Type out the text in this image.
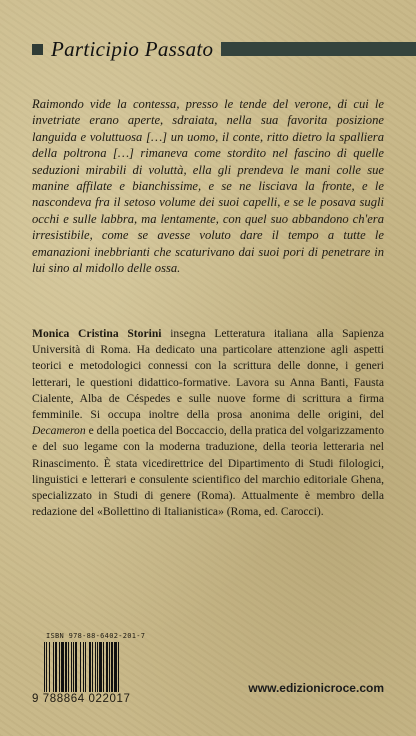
Participio Passato

Raimondo vide la contessa, presso le tende del verone, di cui le invetriate erano aperte, sdraiata, nella sua favorita posizione languida e voluttuosa […] un uomo, il conte, ritto dietro la spalliera della poltrona […] rimaneva come stordito nel fascino di quelle seduzioni mirabili di voluttà, ella gli prendeva le mani colle sue manine affilate e bianchissime, e se ne lisciava la fronte, e le nascondeva fra il setoso volume dei suoi capelli, e se le posava sugli occhi e sulle labbra, ma lentamente, con quel suo abbandono ch'era irresistibile, come se avesse voluto dare il tempo a tutte le emanazioni inebbrianti che scaturivano dai suoi pori di penetrare in lui sino al midollo delle ossa.

Monica Cristina Storini insegna Letteratura italiana alla Sapienza Università di Roma. Ha dedicato una particolare attenzione agli aspetti teorici e metodologici connessi con la scrittura delle donne, i generi letterari, le questioni didattico-formative. Lavora su Anna Banti, Fausta Cialente, Alba de Céspedes e sulle nuove forme di scrittura a firma femminile. Si occupa inoltre della prosa anonima delle origini, del Decameron e della poetica del Boccaccio, della pratica del volgarizzamento e del suo legame con la moderna traduzione, della teoria letteraria nel Rinascimento. È stata vicedirettrice del Dipartimento di Studi filologici, linguistici e letterari e consulente scientifico del marchio editoriale Ghena, specializzato in Studi di genere (Roma). Attualmente è membro della redazione del «Bollettino di Italianistica» (Roma, ed. Carocci).

ISBN 978-88-6402-201-7
9 788864 022017
www.edizionicroce.com
